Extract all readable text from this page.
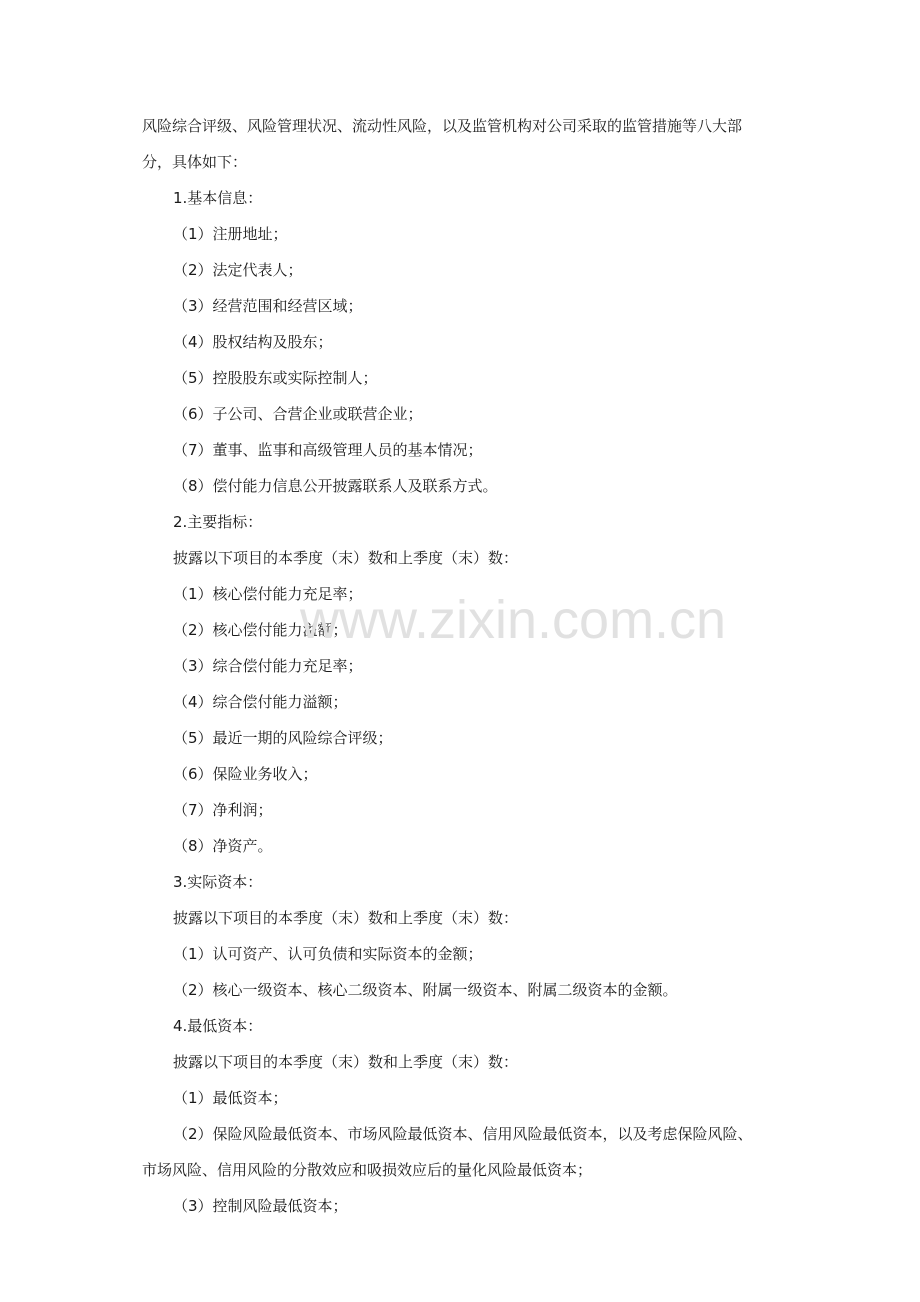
风险综合评级、风险管理状况、流动性风险，以及监管机构对公司采取的监管措施等八大部

分，具体如下：

1.基本信息：

（1）注册地址；

（2）法定代表人；

（3）经营范围和经营区域；

（4）股权结构及股东；

（5）控股股东或实际控制人；

（6）子公司、合营企业或联营企业；

（7）董事、监事和高级管理人员的基本情况；

（8）偿付能力信息公开披露联系人及联系方式。

2.主要指标：

披露以下项目的本季度（末）数和上季度（末）数：

（1）核心偿付能力充足率；

（2）核心偿付能力溢额；

（3）综合偿付能力充足率；

（4）综合偿付能力溢额；

（5）最近一期的风险综合评级；

（6）保险业务收入；

（7）净利润；

（8）净资产。

3.实际资本：

披露以下项目的本季度（末）数和上季度（末）数：

（1）认可资产、认可负债和实际资本的金额；

（2）核心一级资本、核心二级资本、附属一级资本、附属二级资本的金额。

4.最低资本：

披露以下项目的本季度（末）数和上季度（末）数：

（1）最低资本；

（2）保险风险最低资本、市场风险最低资本、信用风险最低资本，以及考虑保险风险、

市场风险、信用风险的分散效应和吸损效应后的量化风险最低资本；

（3）控制风险最低资本；

www.zixin.com.cn
